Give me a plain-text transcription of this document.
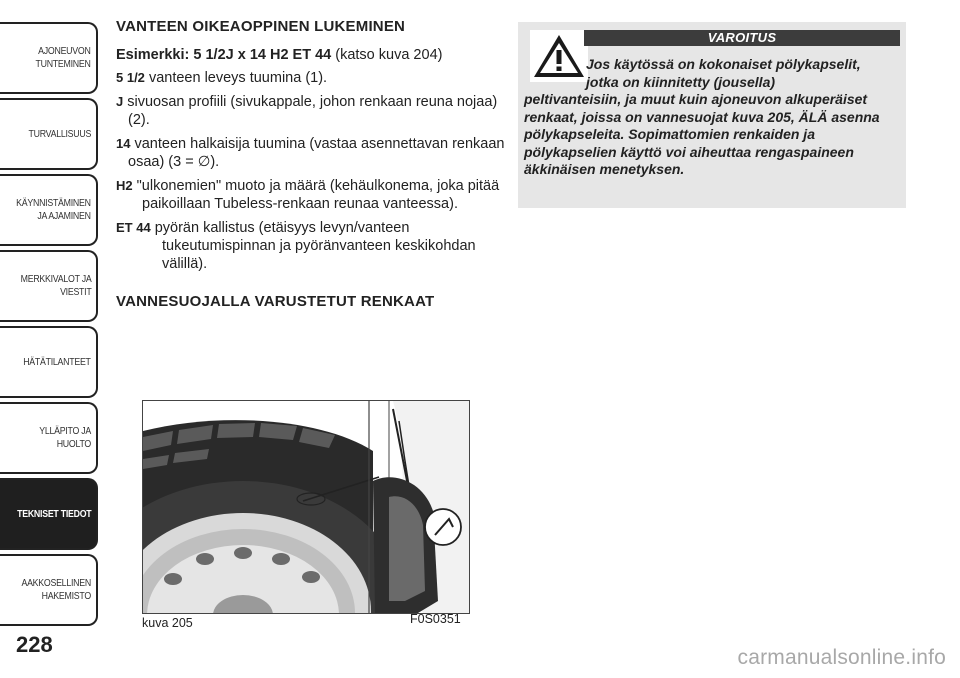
AJONEUVON
TUNTEMINEN
TURVALLISUUS
KÄYNNISTÄMINEN
JA AJAMINEN
MERKKIVALOT JA
VIESTIT
HÄTÄTILANTEET
YLLÄPITO JA HUOLTO
TEKNISET TIEDOT
AAKKOSELLINEN
HAKEMISTO
228
VANTEEN OIKEAOPPINEN LUKEMINEN
Esimerkki: 5 1/2J x 14 H2 ET 44 (katso kuva 204)
5 1/2 vanteen leveys tuumina (1).
J sivuosan profiili (sivukappale, johon renkaan reuna nojaa) (2).
14 vanteen halkaisija tuumina (vastaa asennettavan renkaan osaa) (3 = ∅).
H2 "ulkonemien" muoto ja määrä (kehäulkonema, joka pitää paikoillaan Tubeless-renkaan reunaa vanteessa).
ET 44 pyörän kallistus (etäisyys levyn/vanteen tukeutumispinnan ja pyöränvanteen keskikohdan välillä).
VANNESUOJALLA VARUSTETUT RENKAAT
VAROITUS
Jos käytössä on kokonaiset pölykapselit,
jotka on kiinnitetty (jousella)
peltivanteisiin, ja muut kuin ajoneuvon alkuperäiset renkaat, joissa on vannesuojat kuva 205, ÄLÄ asenna pölykapseleita. Sopimattomien renkaiden ja pölykapselien käyttö voi aiheuttaa rengaspaineen äkkinäisen menetyksen.
kuva 205	F0S0351
carmanualsonline.info
